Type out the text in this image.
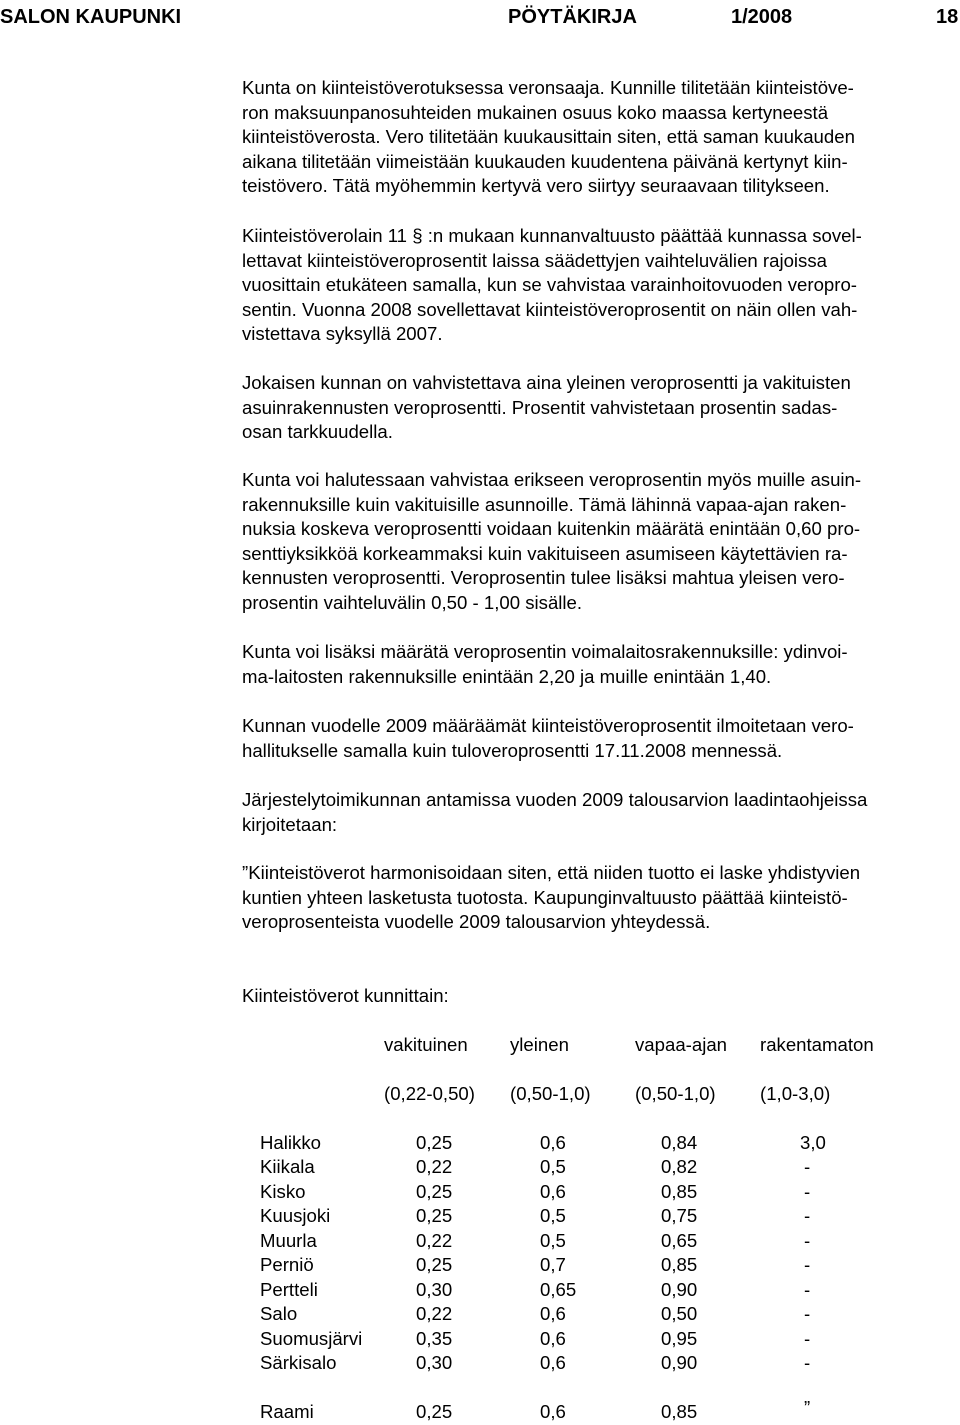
SALON KAUPUNKI	PÖYTÄKIRJA	1/2008	18
Kunta on kiinteistöverotuksessa veronsaaja. Kunnille tilitetään kiinteistöve-
ron maksuunpanosuhteiden mukainen osuus koko maassa kertyneestä
kiinteistöverosta. Vero tilitetään kuukausittain siten, että saman kuukauden
aikana tilitetään viimeistään kuukauden kuudentena päivänä kertynyt kiin-
teistövero. Tätä myöhemmin kertyvä vero siirtyy seuraavaan tilitykseen.
Kiinteistöverolain 11 § :n mukaan kunnanvaltuusto päättää kunnassa sovel-
lettavat kiinteistöveroprosentit laissa säädettyjen vaihteluvälien rajoissa
vuosittain etukäteen samalla, kun se vahvistaa varainhoitovuoden veropro-
sentin. Vuonna 2008 sovellettavat kiinteistöveroprosentit on näin ollen vah-
vistettava syksyllä 2007.
Jokaisen kunnan on vahvistettava aina yleinen veroprosentti ja vakituisten
asuinrakennusten veroprosentti. Prosentit vahvistetaan prosentin sadas-
osan tarkkuudella.
Kunta voi halutessaan vahvistaa erikseen veroprosentin myös muille asuin-
rakennuksille kuin vakituisille asunnoille. Tämä lähinnä vapaa-ajan raken-
nuksia koskeva veroprosentti voidaan kuitenkin määrätä enintään 0,60 pro-
senttiyksikköä korkeammaksi kuin vakituiseen asumiseen käytettävien ra-
kennusten veroprosentti. Veroprosentin tulee lisäksi mahtua yleisen vero-
prosentin vaihteluvälin 0,50 - 1,00 sisälle.
Kunta voi lisäksi määrätä veroprosentin voimalaitosrakennuksille: ydinvoi-
ma-laitosten rakennuksille enintään 2,20 ja muille enintään 1,40.
Kunnan vuodelle 2009 määräämät kiinteistöveroprosentit ilmoitetaan vero-
hallitukselle samalla kuin tuloveroprosentti 17.11.2008 mennessä.
Järjestelytoimikunnan antamissa vuoden 2009 talousarvion laadintaohjeissa
kirjoitetaan:
”Kiinteistöverot harmonisoidaan siten, että niiden tuotto ei laske yhdistyvien
kuntien yhteen lasketusta tuotosta. Kaupunginvaltuusto päättää kiinteistö-
veroprosenteista vuodelle 2009 talousarvion yhteydessä.
Kiinteistöverot kunnittain:
vakituinen yleinen	vapaa-ajan rakentamaton
(0,22-0,50) (0,50-1,0) (0,50-1,0) (1,0-3,0)
Halikko	0,25	0,6	0,84	3,0
Kiikala	0,22	0,5	0,82	-
Kisko	0,25	0,6	0,85	-
Kuusjoki	0,25	0,5	0,75	-
Muurla	0,22	0,5	0,65	-
Perniö	0,25	0,7	0,85	-
Pertteli	0,30	0,65	0,90	-
Salo	0,22	0,6	0,50	-
Suomusjärvi	0,35	0,6	0,95	-
Särkisalo	0,30	0,6	0,90	-
Raami	0,25	0,6	0,85	”
